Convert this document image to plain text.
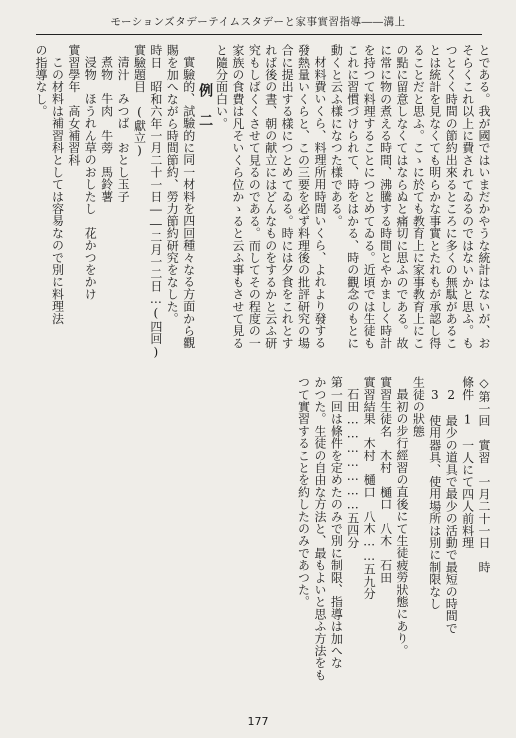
モーションズタデーテイムスタデーと家事實習指導――溝上
とである。我が國ではいまだかやうな統計はないが、お
そらくこれ以上に費されてゐるのではないかと思ふ。も
つとくく時間の節約出來るところに多くの無駄があるこ
とは統計を見なくても明らかな事實とたれもが承認し得
ることだと思ふ。こゝに於ても教育上に家事教育上にこ
の點に留意しなくてはならぬと痛切に思ふのである。故
に常に物の煮える時間、沸騰する時間とやかましく時計
を持つて料理することにつとめてゐる。近頃では生徒も
これに習慣づけられて、時をはかる、時の觀念のもとに
動くと云ふ樣になつた樣である。
材料費いくら、料理所用時間いくら、よれより發する
發熱量いくらと、この三要を必ず料理後の批評研究の場
合に提出する樣につとめてゐる。時には夕食をこれとす
れば後の晝、朝の献立にはどんなものをするかと云ふ研
究もしばくくさせて見るのである。而してその程度の一
家族の食費は凡そいくら位かゝると云ふ事もさせて見る
と隨分面白い。
例 二
實驗的、試驗的に同一材料を四回種々なる方面から觀
賜を加へながら時間節約、勞力節約研究をなした。
時日　昭和六年一月二十一日――二月一二日…(四回)
實驗題目　(獻立)
清汁　みつば　おとし玉子
煮物　牛肉　牛蒡　馬鈴薯
浸物　ほうれん草のおしたし　花かつをかけ
實習學年　高女補習科
この材料は補習科としては容易なので別に料理法
の指導なし。
◇第一回　實習　一月二十一日　時
條件　1　一人にて四人前料理
2　最少の道具で最少の活動で最短の時間で
3　使用器具、使用場所は別に制限なし
生徒の狀態
最初の步行經習の直後にて生徒疲勞狀態にあり。
實習生徒名　木村　樋口　八木　石田
實習結果　木村　樋口　八木……五九分
石田…………………五四分
第一回は條件を定めたのみで別に制限、指導は加へな
かつた。生徒の自由な方法と、最もよいと思ふ方法をも
つて實習することを約したのみであつた。
177
